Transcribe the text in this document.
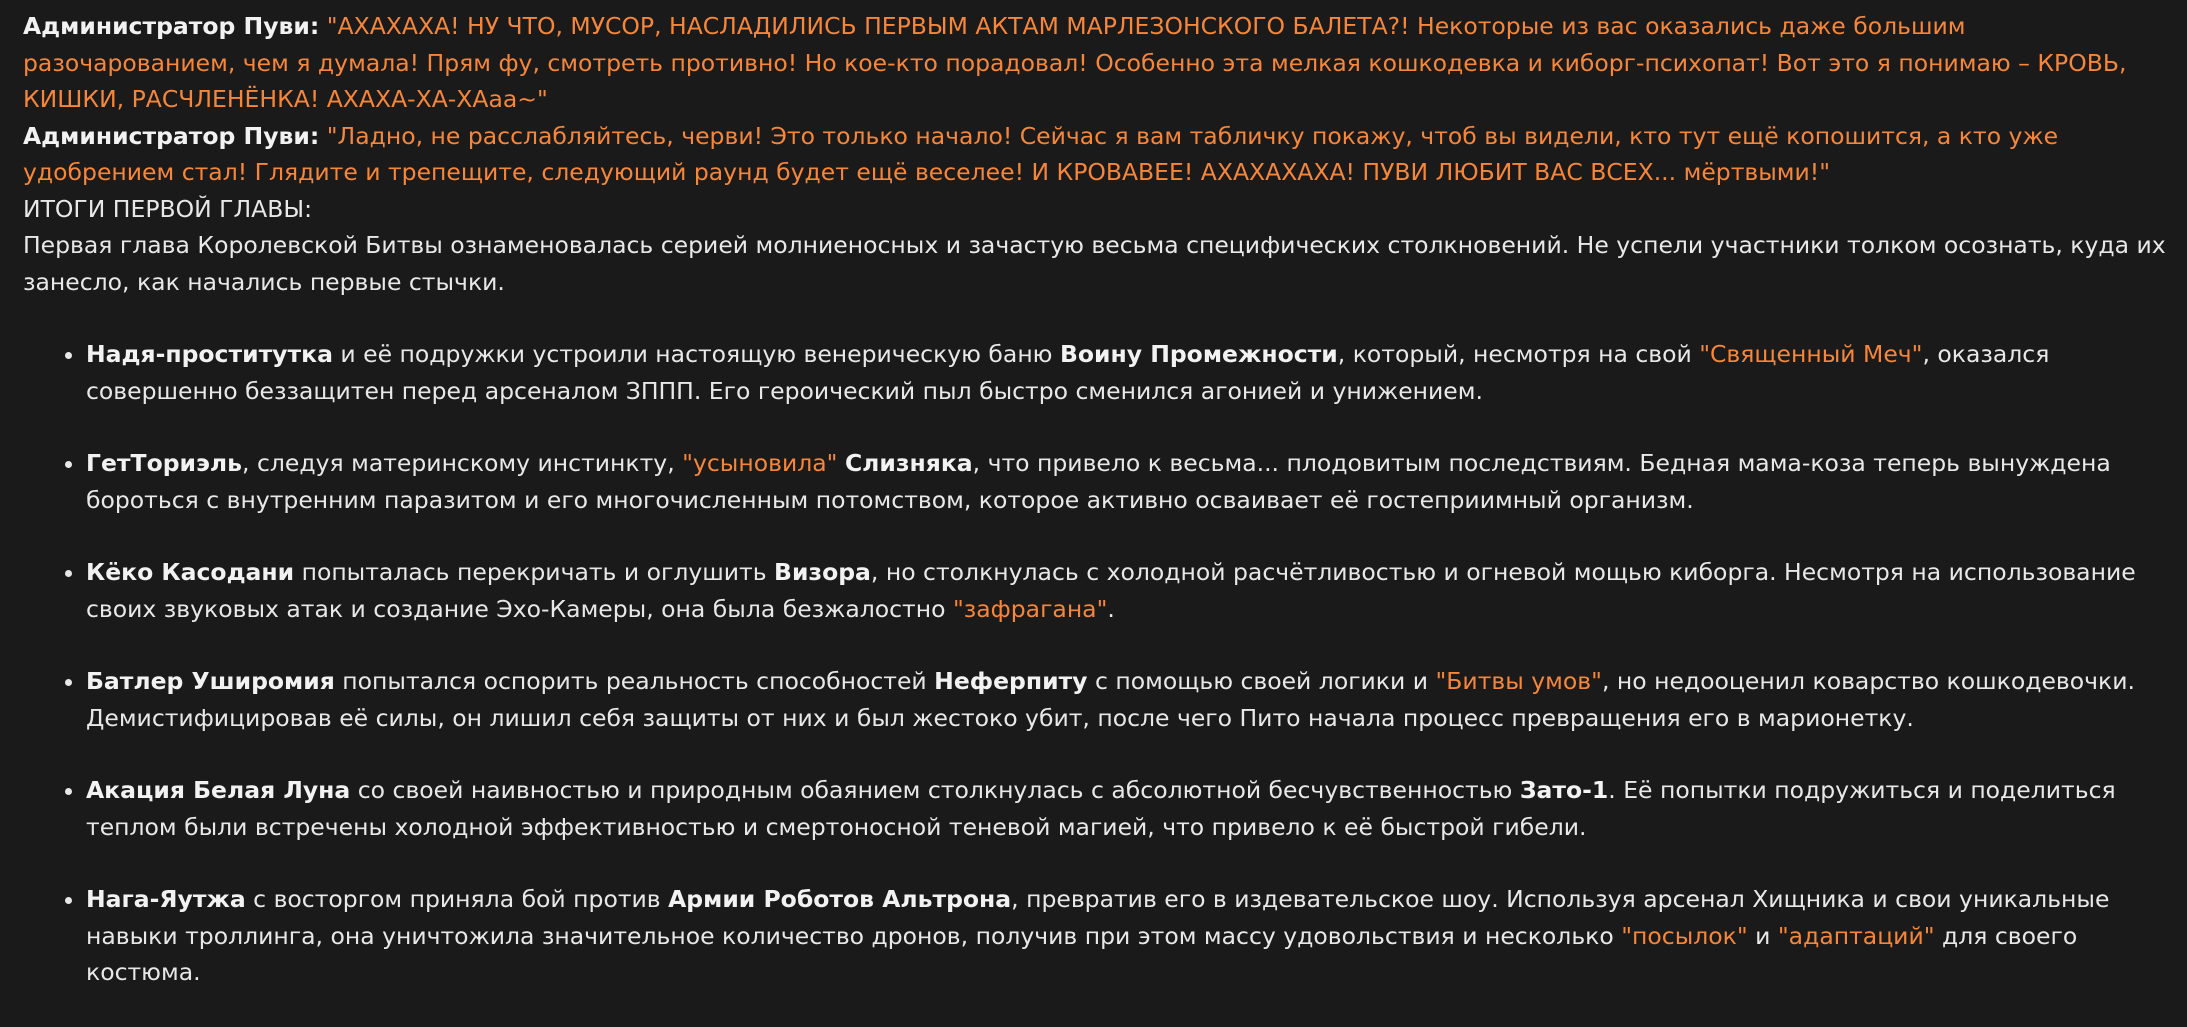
Администратор Пуви: "АХАХАХА! НУ ЧТО, МУСОР, НАСЛАДИЛИСЬ ПЕРВЫМ АКТАМ МАРЛЕЗОНСКОГО БАЛЕТА?! Некоторые из вас оказались даже большим разочарованием, чем я думала! Прям фу, смотреть противно! Но кое-кто порадовал! Особенно эта мелкая кошкодевка и киборг-психопат! Вот это я понимаю – КРОВЬ, КИШКИ, РАСЧЛЕНЁНКА! АХАХА-ХА-ХАаа~"

Администратор Пуви: "Ладно, не расслабляйтесь, черви! Это только начало! Сейчас я вам табличку покажу, чтоб вы видели, кто тут ещё копошится, а кто уже удобрением стал! Глядите и трепещите, следующий раунд будет ещё веселее! И КРОВАВЕЕ! АХАХАХАХА! ПУВИ ЛЮБИТ ВАС ВСЕХ... мёртвыми!"

ИТОГИ ПЕРВОЙ ГЛАВЫ:

Первая глава Королевской Битвы ознаменовалась серией молниеносных и зачастую весьма специфических столкновений. Не успели участники толком осознать, куда их занесло, как начались первые стычки.

• Надя-проститутка и её подружки устроили настоящую венерическую баню Воину Промежности, который, несмотря на свой "Священный Меч", оказался совершенно беззащитен перед арсеналом ЗППП. Его героический пыл быстро сменился агонией и унижением.
• ГетТориэль, следуя материнскому инстинкту, "усыновила" Слизняка, что привело к весьма... плодовитым последствиям. Бедная мама-коза теперь вынуждена бороться с внутренним паразитом и его многочисленным потомством, которое активно осваивает её гостеприимный организм.
• Кёко Касодани попыталась перекричать и оглушить Визора, но столкнулась с холодной расчётливостью и огневой мощью киборга. Несмотря на использование своих звуковых атак и создание Эхо-Камеры, она была безжалостно "зафрагана".
• Батлер Уширомия попытался оспорить реальность способностей Неферпиту с помощью своей логики и "Битвы умов", но недооценил коварство кошкодевочки. Демистифицировав её силы, он лишил себя защиты от них и был жестоко убит, после чего Пито начала процесс превращения его в марионетку.
• Акация Белая Луна со своей наивностью и природным обаянием столкнулась с абсолютной бесчувственностью Зато-1. Её попытки подружиться и поделиться теплом были встречены холодной эффективностью и смертоносной теневой магией, что привело к её быстрой гибели.
• Нага-Яутжа с восторгом приняла бой против Армии Роботов Альтрона, превратив его в издевательское шоу. Используя арсенал Хищника и свои уникальные навыки троллинга, она уничтожила значительное количество дронов, получив при этом массу удовольствия и несколько "посылок" и "адаптаций" для своего костюма.
